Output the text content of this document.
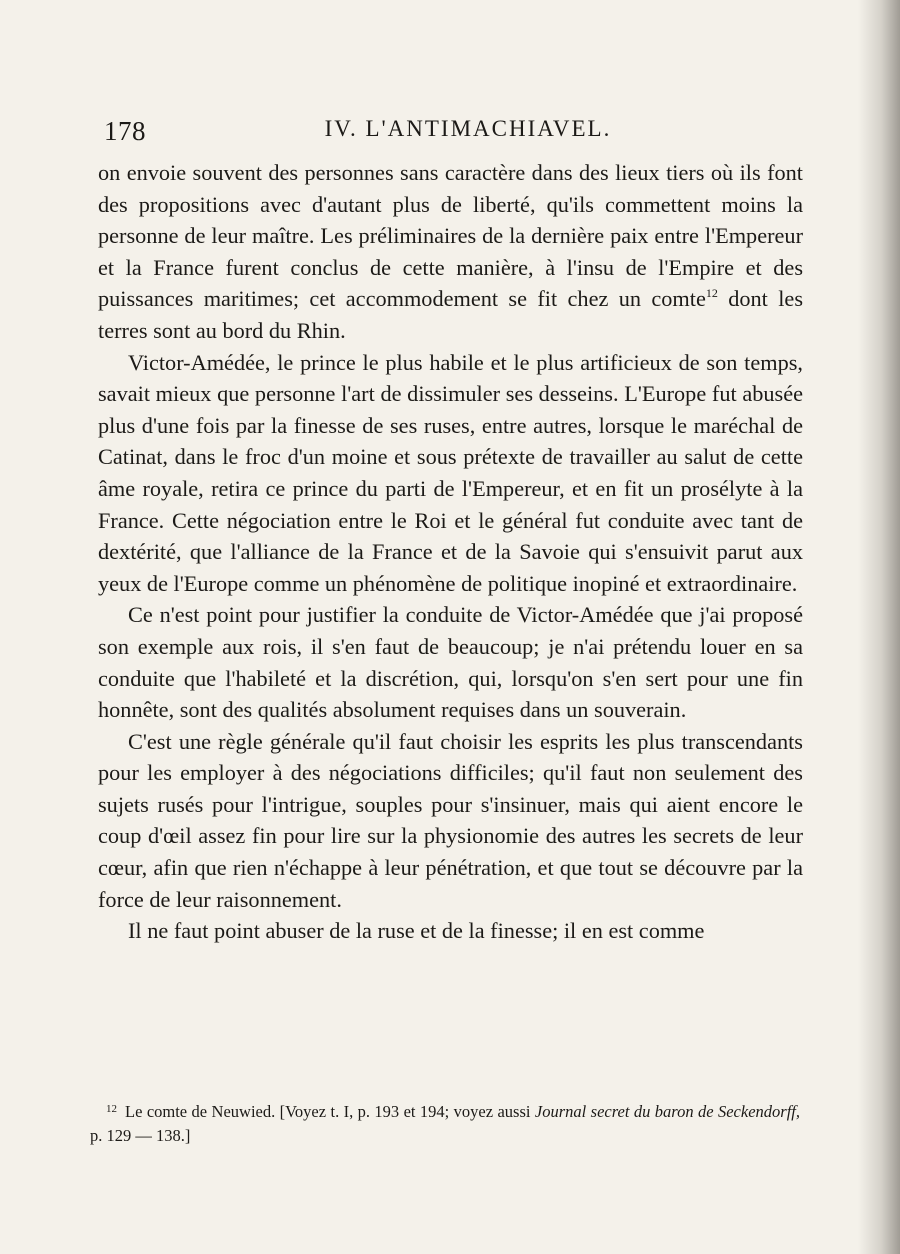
178	IV. L'ANTIMACHIAVEL.

on envoie souvent des personnes sans caractère dans des lieux tiers où ils font des propositions avec d'autant plus de liberté, qu'ils commettent moins la personne de leur maître. Les préliminaires de la dernière paix entre l'Empereur et la France furent conclus de cette manière, à l'insu de l'Empire et des puissances maritimes; cet accommodement se fit chez un comte$^{12}$ dont les terres sont au bord du Rhin.

Victor-Amédée, le prince le plus habile et le plus artificieux de son temps, savait mieux que personne l'art de dissimuler ses desseins. L'Europe fut abusée plus d'une fois par la finesse de ses ruses, entre autres, lorsque le maréchal de Catinat, dans le froc d'un moine et sous prétexte de travailler au salut de cette âme royale, retira ce prince du parti de l'Empereur, et en fit un prosélyte à la France. Cette négociation entre le Roi et le général fut conduite avec tant de dextérité, que l'alliance de la France et de la Savoie qui s'ensuivit parut aux yeux de l'Europe comme un phénomène de politique inopiné et extraordinaire.

Ce n'est point pour justifier la conduite de Victor-Amédée que j'ai proposé son exemple aux rois, il s'en faut de beaucoup; je n'ai prétendu louer en sa conduite que l'habileté et la discrétion, qui, lorsqu'on s'en sert pour une fin honnête, sont des qualités absolument requises dans un souverain.

C'est une règle générale qu'il faut choisir les esprits les plus transcendants pour les employer à des négociations difficiles; qu'il faut non seulement des sujets rusés pour l'intrigue, souples pour s'insinuer, mais qui aient encore le coup d'œil assez fin pour lire sur la physionomie des autres les secrets de leur cœur, afin que rien n'échappe à leur pénétration, et que tout se découvre par la force de leur raisonnement.

Il ne faut point abuser de la ruse et de la finesse; il en est comme

$^{12}$ Le comte de Neuwied. [Voyez t. I, p. 193 et 194; voyez aussi Journal secret du baron de Seckendorff, p. 129 — 138.]
